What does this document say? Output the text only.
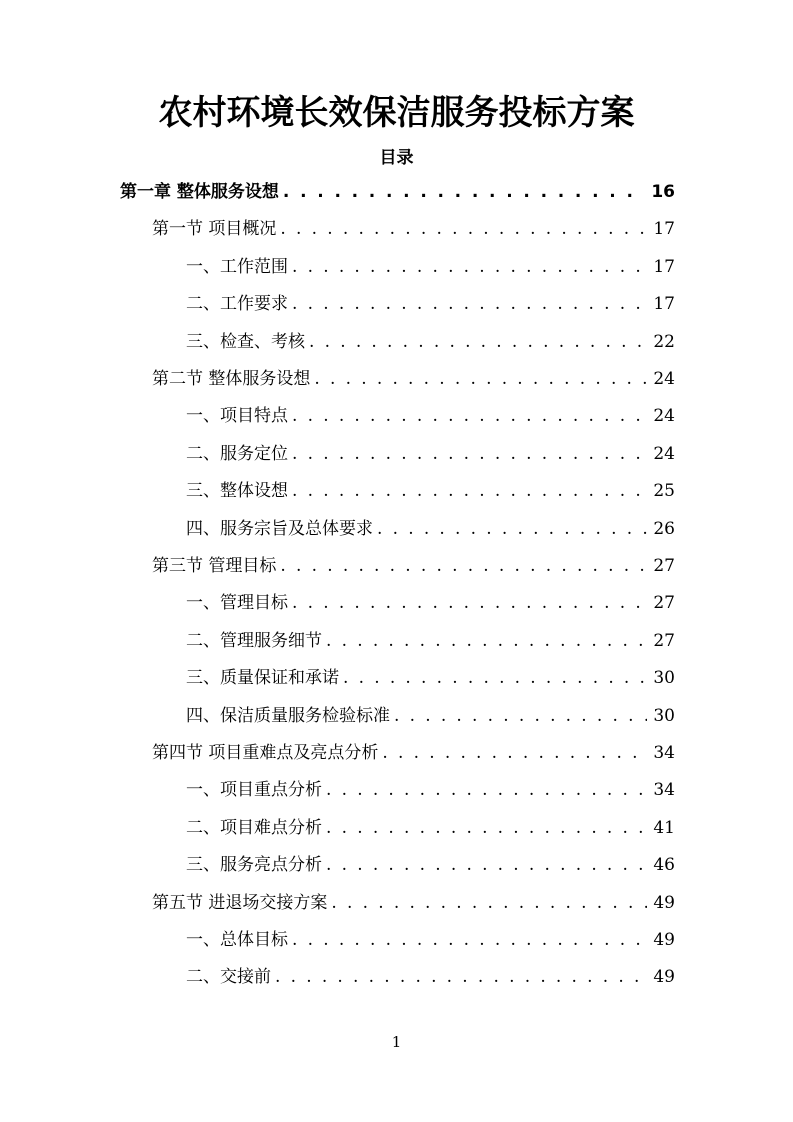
农村环境长效保洁服务投标方案
目录
第一章 整体服务设想 . . .	16
第一节 项目概况 . . .	17
一、工作范围 . . .	17
二、工作要求 . . .	17
三、检查、考核 . . .	22
第二节 整体服务设想 . . .	24
一、项目特点 . . .	24
二、服务定位 . . .	24
三、整体设想 . . .	25
四、服务宗旨及总体要求 . . .	26
第三节 管理目标 . . .	27
一、管理目标 . . .	27
二、管理服务细节 . . .	27
三、质量保证和承诺 . . .	30
四、保洁质量服务检验标准 . . .	30
第四节 项目重难点及亮点分析 . . .	34
一、项目重点分析 . . .	34
二、项目难点分析 . . .	41
三、服务亮点分析 . . .	46
第五节 进退场交接方案 . . .	49
一、总体目标 . . .	49
二、交接前 . . .	49
1
